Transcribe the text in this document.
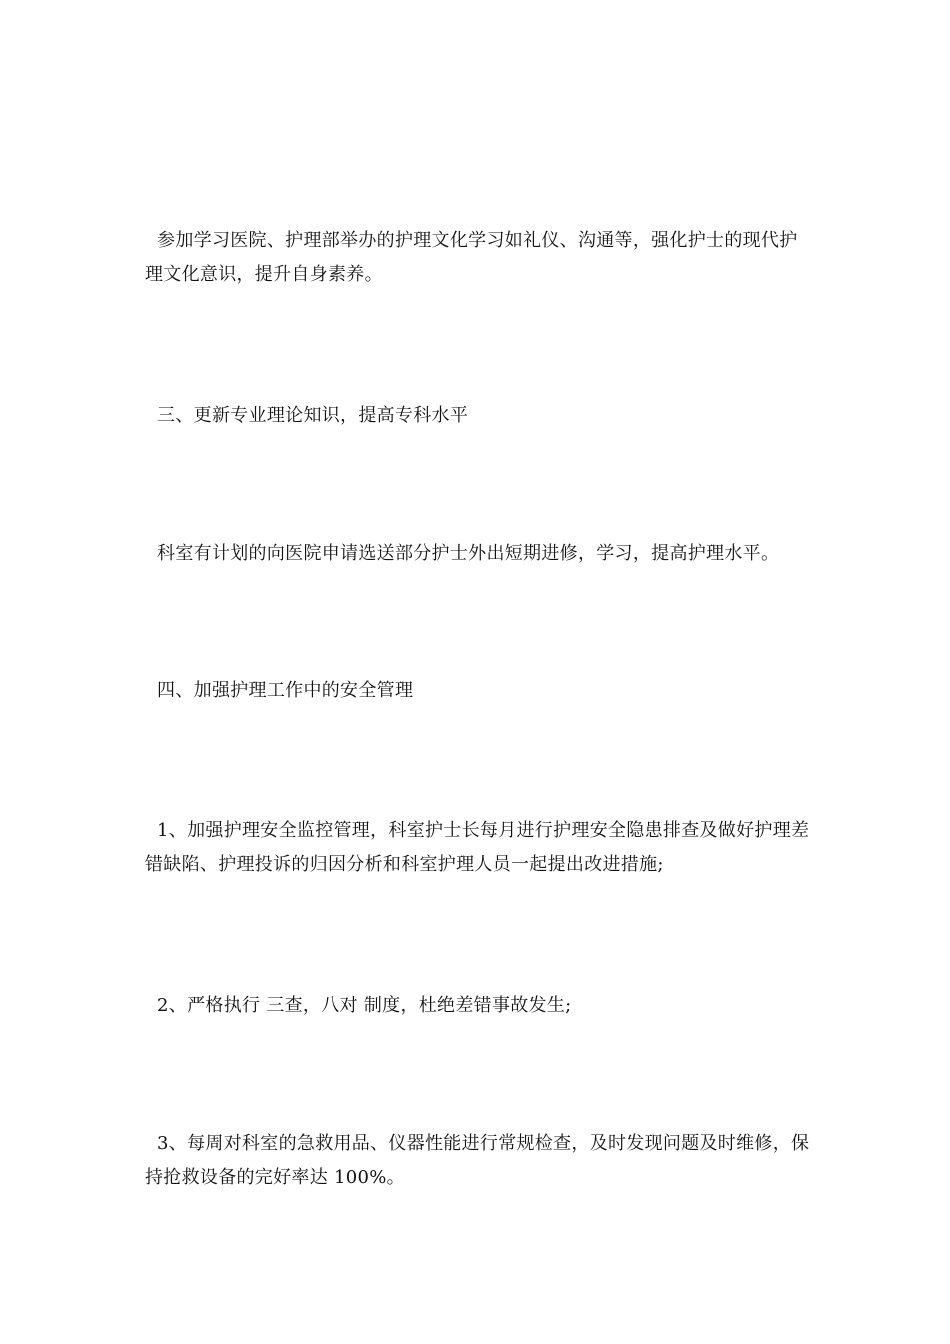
参加学习医院、护理部举办的护理文化学习如礼仪、沟通等，强化护士的现代护理文化意识，提升自身素养。

三、更新专业理论知识，提高专科水平

科室有计划的向医院申请选送部分护士外出短期进修，学习，提高护理水平。

四、加强护理工作中的安全管理

1、加强护理安全监控管理，科室护士长每月进行护理安全隐患排查及做好护理差错缺陷、护理投诉的归因分析和科室护理人员一起提出改进措施;

2、严格执行 三查，八对 制度，杜绝差错事故发生;

3、每周对科室的急救用品、仪器性能进行常规检查，及时发现问题及时维修，保持抢救设备的完好率达 100%。
